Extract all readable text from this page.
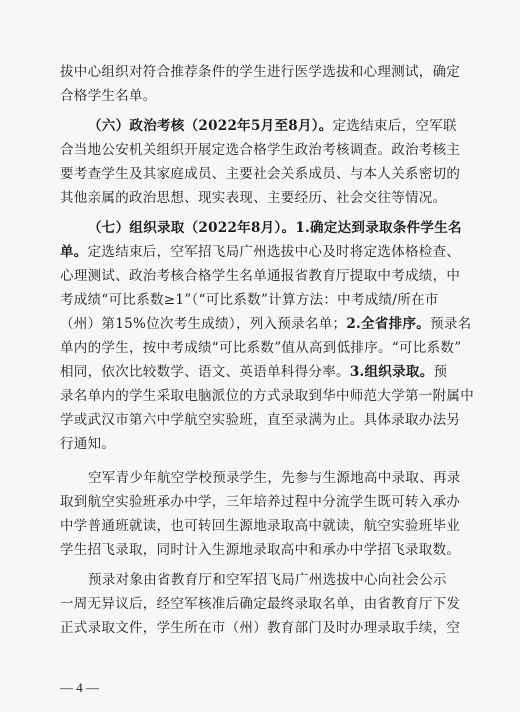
拔中心组织对符合推荐条件的学生进行医学选拔和心理测试，确定
合格学生名单。
（六）政治考核（2022年5月至8月）。定选结束后，空军联
合当地公安机关组织开展定选合格学生政治考核调查。政治考核主
要考查学生及其家庭成员、主要社会关系成员、与本人关系密切的
其他亲属的政治思想、现实表现、主要经历、社会交往等情况。
（七）组织录取（2022年8月）。1.确定达到录取条件学生名
单。定选结束后，空军招飞局广州选拔中心及时将定选体格检查、
心理测试、政治考核合格学生名单通报省教育厅提取中考成绩，中
考成绩“可比系数≥1”（“可比系数”计算方法：中考成绩/所在市
（州）第15%位次考生成绩），列入预录名单；2.全省排序。预录名
单内的学生，按中考成绩“可比系数”值从高到低排序。“可比系数”
相同，依次比较数学、语文、英语单科得分率。3.组织录取。预
录名单内的学生采取电脑派位的方式录取到华中师范大学第一附属中
学或武汉市第六中学航空实验班，直至录满为止。具体录取办法另
行通知。
空军青少年航空学校预录学生，先参与生源地高中录取、再录
取到航空实验班承办中学，三年培养过程中分流学生既可转入承办
中学普通班就读，也可转回生源地录取高中就读，航空实验班毕业
学生招飞录取，同时计入生源地录取高中和承办中学招飞录取数。
预录对象由省教育厅和空军招飞局广州选拔中心向社会公示
一周无异议后，经空军核准后确定最终录取名单，由省教育厅下发
正式录取文件，学生所在市（州）教育部门及时办理录取手续，空
— 4 —
